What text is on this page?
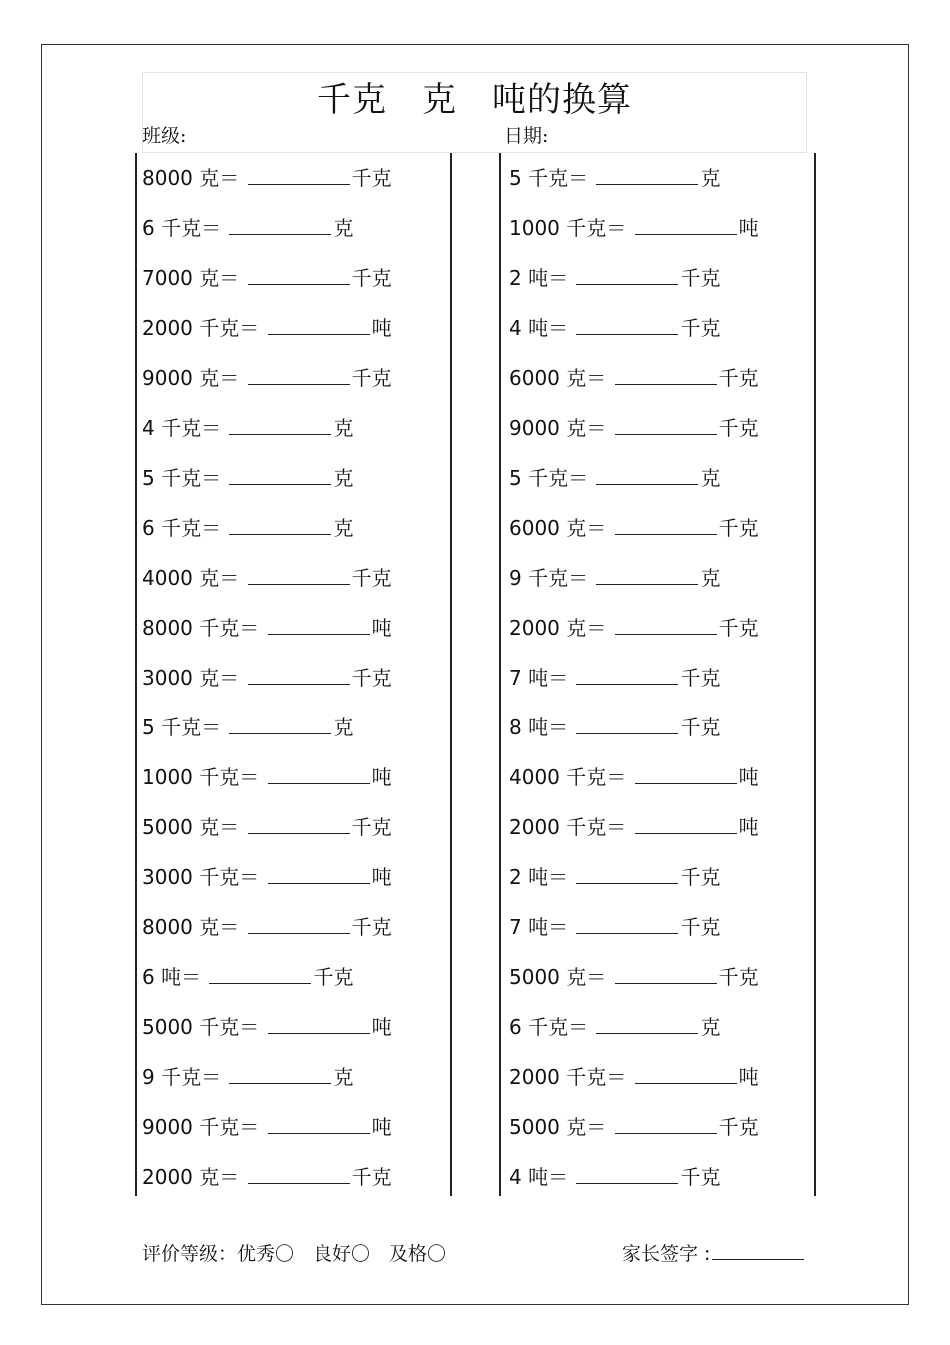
千克　克　吨的换算
班级:	日期:
8000 克＝	千克
6 千克＝	克
7000 克＝	千克
2000 千克＝	吨
9000 克＝	千克
4 千克＝	克
5 千克＝	克
6 千克＝	克
4000 克＝	千克
8000 千克＝	吨
3000 克＝	千克
5 千克＝	克
1000 千克＝	吨
5000 克＝	千克
3000 千克＝	吨
8000 克＝	千克
6 吨＝	千克
5000 千克＝	吨
9 千克＝	克
9000 千克＝	吨
2000 克＝	千克
5 千克＝	克
1000 千克＝	吨
2 吨＝	千克
4 吨＝	千克
6000 克＝	千克
9000 克＝	千克
5 千克＝	克
6000 克＝	千克
9 千克＝	克
2000 克＝	千克
7 吨＝	千克
8 吨＝	千克
4000 千克＝	吨
2000 千克＝	吨
2 吨＝	千克
7 吨＝	千克
5000 克＝	千克
6 千克＝	克
2000 千克＝	吨
5000 克＝	千克
4 吨＝	千克
评价等级：优秀〇　良好〇　及格〇	家长签字 :
